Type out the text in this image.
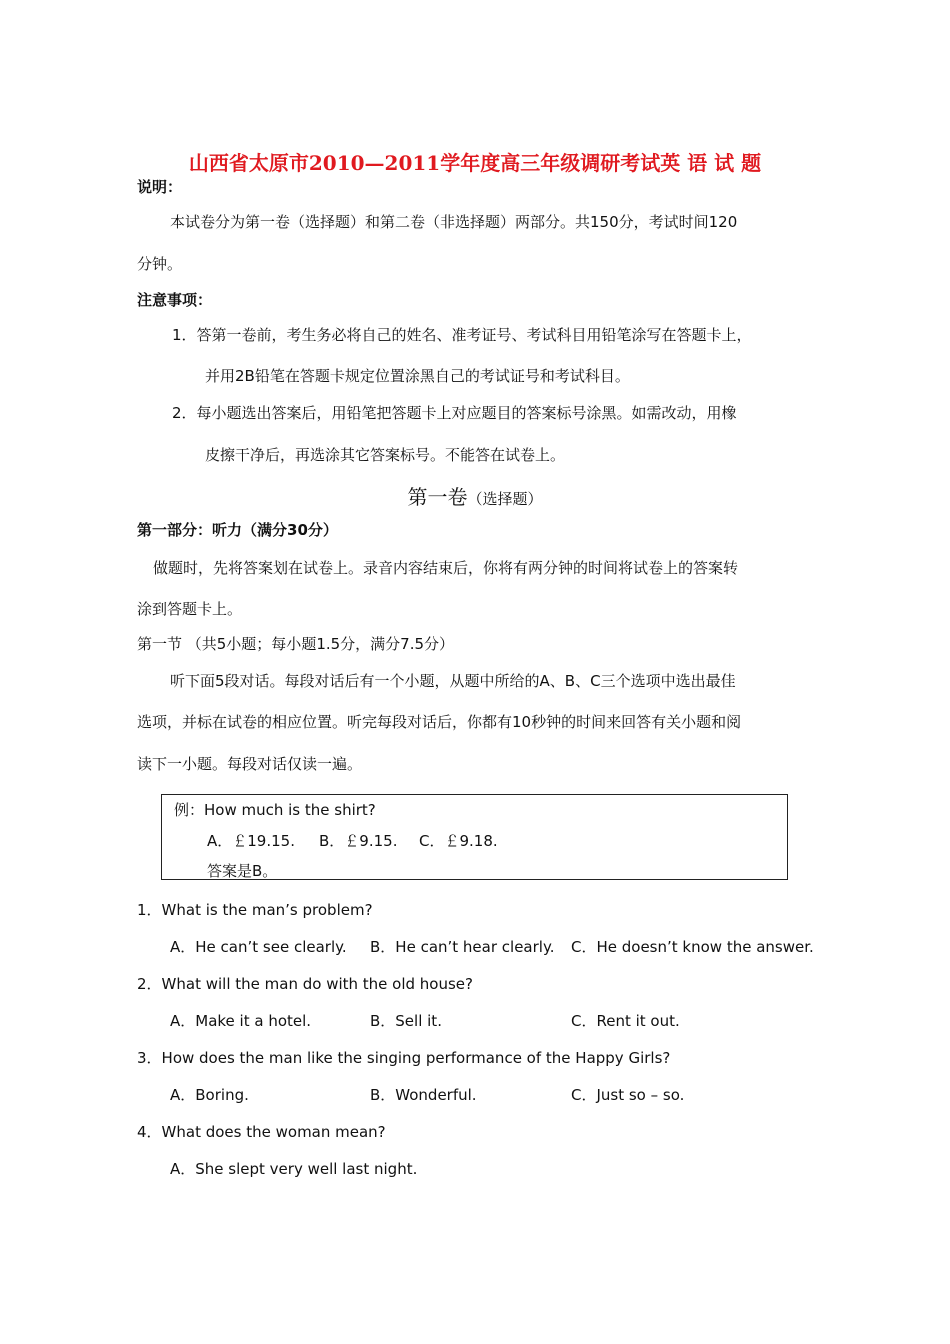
山西省太原市2010—2011学年度高三年级调研考试英 语 试 题
说明：
本试卷分为第一卷（选择题）和第二卷（非选择题）两部分。共150分，考试时间120
分钟。
注意事项：
1．答第一卷前，考生务必将自己的姓名、准考证号、考试科目用铅笔涂写在答题卡上，
并用2B铅笔在答题卡规定位置涂黑自己的考试证号和考试科目。
2．每小题选出答案后，用铅笔把答题卡上对应题目的答案标号涂黑。如需改动，用橡
皮擦干净后，再选涂其它答案标号。不能答在试卷上。
第一卷（选择题）
第一部分：听力（满分30分）
做题时，先将答案划在试卷上。录音内容结束后，你将有两分钟的时间将试卷上的答案转
涂到答题卡上。
第一节 （共5小题；每小题1.5分，满分7.5分）
听下面5段对话。每段对话后有一个小题，从题中所给的A、B、C三个选项中选出最佳
选项，并标在试卷的相应位置。听完每段对话后，你都有10秒钟的时间来回答有关小题和阅
读下一小题。每段对话仅读一遍。
例：How much is the shirt?
A．￡19.15. B．￡9.15. C．￡9.18.
答案是B。
1．What is the man’s problem?
A．He can’t see clearly. B．He can’t hear clearly. C．He doesn’t know the answer.
2．What will the man do with the old house?
A．Make it a hotel.	B．Sell it.	C．Rent it out.
3．How does the man like the singing performance of the Happy Girls?
A．Boring.	B．Wonderful.	C．Just so – so.
4．What does the woman mean?
A．She slept very well last night.
